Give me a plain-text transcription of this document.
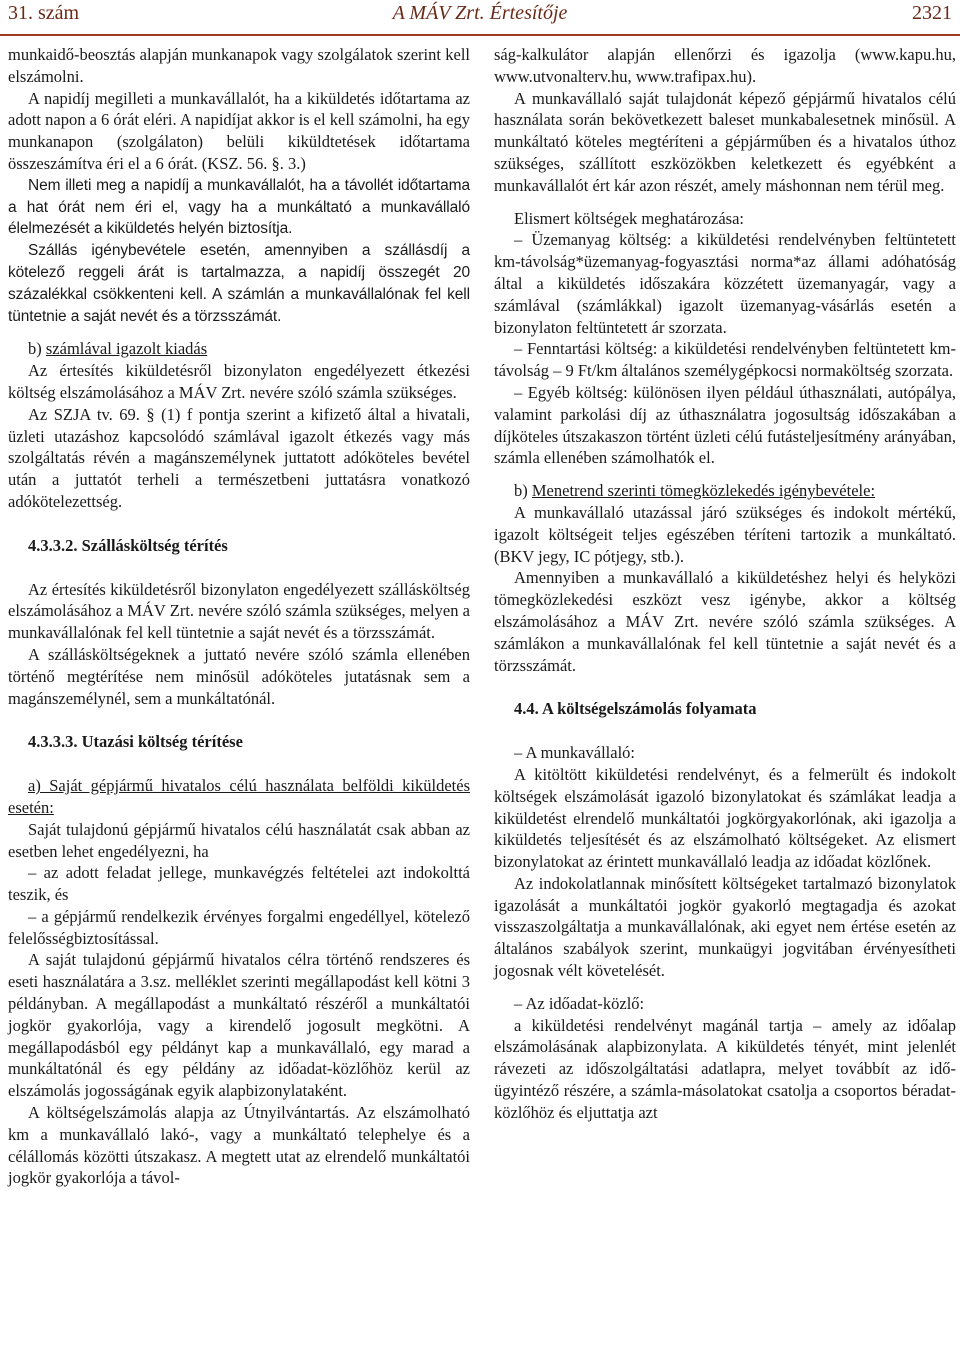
31. szám	A MÁV Zrt. Értesítője	2321

munkaidő-beosztás alapján munkanapok vagy szolgálatok szerint kell elszámolni.

A napidíj megilleti a munkavállalót, ha a kiküldetés időtartama az adott napon a 6 órát eléri. A napidíjat akkor is el kell számolni, ha egy munkanapon (szolgálaton) belüli kiküldtetések időtartama összeszámítva éri el a 6 órát. (KSZ. 56. §. 3.)

Nem illeti meg a napidíj a munkavállalót, ha a távollét időtartama a hat órát nem éri el, vagy ha a munkáltató a munkavállaló élelmezését a kiküldetés helyén biztosítja.

Szállás igénybevétele esetén, amennyiben a szállásdíj a kötelező reggeli árát is tartalmazza, a napidíj összegét 20 százalékkal csökkenteni kell. A számlán a munkavállalónak fel kell tüntetnie a saját nevét és a törzsszámát.

b) számlával igazolt kiadás

Az értesítés kiküldetésről bizonylaton engedélyezett étkezési költség elszámolásához a MÁV Zrt. nevére szóló számla szükséges.

Az SZJA tv. 69. § (1) f pontja szerint a kifizető által a hivatali, üzleti utazáshoz kapcsolódó számlával igazolt étkezés vagy más szolgáltatás révén a magánszemélynek juttatott adóköteles bevétel után a juttatót terheli a természetbeni juttatásra vonatkozó adókötelezettség.

4.3.3.2. Szállásköltség térítés

Az értesítés kiküldetésről bizonylaton engedélyezett szállásköltség elszámolásához a MÁV Zrt. nevére szóló számla szükséges, melyen a munkavállalónak fel kell tüntetnie a saját nevét és a törzsszámát.

A szállásköltségeknek a juttató nevére szóló számla ellenében történő megtérítése nem minősül adóköteles jutatásnak sem a magánszemélynél, sem a munkáltatónál.

4.3.3.3. Utazási költség térítése

a) Saját gépjármű hivatalos célú használata belföldi kiküldetés esetén:

Saját tulajdonú gépjármű hivatalos célú használatát csak abban az esetben lehet engedélyezni, ha

– az adott feladat jellege, munkavégzés feltételei azt indokolttá teszik, és

– a gépjármű rendelkezik érvényes forgalmi engedéllyel, kötelező felelősségbiztosítással.

A saját tulajdonú gépjármű hivatalos célra történő rendszeres és eseti használatára a 3.sz. melléklet szerinti megállapodást kell kötni 3 példányban. A megállapodást a munkáltató részéről a munkáltatói jogkör gyakorlója, vagy a kirendelő jogosult megkötni. A megállapodásból egy példányt kap a munkavállaló, egy marad a munkáltatónál és egy példány az időadat-közlőhöz kerül az elszámolás jogosságának egyik alapbizonylataként.

A költségelszámolás alapja az Útnyilvántartás. Az elszámolható km a munkavállaló lakó-, vagy a munkáltató telephelye és a célállomás közötti útszakasz. A megtett utat az elrendelő munkáltatói jogkör gyakorlója a távol-

ság-kalkulátor alapján ellenőrzi és igazolja (www.kapu.hu, www.utvonalterv.hu, www.trafipax.hu).

A munkavállaló saját tulajdonát képező gépjármű hivatalos célú használata során bekövetkezett baleset munkabalesetnek minősül. A munkáltató köteles megtéríteni a gépjárműben és a hivatalos úthoz szükséges, szállított eszközökben keletkezett és egyébként a munkavállalót ért kár azon részét, amely máshonnan nem térül meg.

Elismert költségek meghatározása:

– Üzemanyag költség: a kiküldetési rendelvényben feltüntetett km-távolság*üzemanyag-fogyasztási norma*az állami adóhatóság által a kiküldetés időszakára közzétett üzemanyagár, vagy a számlával (számlákkal) igazolt üzemanyag-vásárlás esetén a bizonylaton feltüntetett ár szorzata.

– Fenntartási költség: a kiküldetési rendelvényben feltüntetett km-távolság – 9 Ft/km általános személygépkocsi normaköltség szorzata.

– Egyéb költség: különösen ilyen például úthasználati, autópálya, valamint parkolási díj az úthasználatra jogosultság időszakában a díjköteles útszakaszon történt üzleti célú futásteljesítmény arányában, számla ellenében számolhatók el.

b) Menetrend szerinti tömegközlekedés igénybevétele:

A munkavállaló utazással járó szükséges és indokolt mértékű, igazolt költségeit teljes egészében téríteni tartozik a munkáltató. (BKV jegy, IC pótjegy, stb.).

Amennyiben a munkavállaló a kiküldetéshez helyi és helyközi tömegközlekedési eszközt vesz igénybe, akkor a költség elszámolásához a MÁV Zrt. nevére szóló számla szükséges. A számlákon a munkavállalónak fel kell tüntetnie a saját nevét és a törzsszámát.

4.4. A költségelszámolás folyamata

– A munkavállaló:

A kitöltött kiküldetési rendelvényt, és a felmerült és indokolt költségek elszámolását igazoló bizonylatokat és számlákat leadja a kiküldetést elrendelő munkáltatói jogkörgyakorlónak, aki igazolja a kiküldetés teljesítését és az elszámolható költségeket. Az elismert bizonylatokat az érintett munkavállaló leadja az időadat közlőnek.

Az indokolatlannak minősített költségeket tartalmazó bizonylatok igazolását a munkáltatói jogkör gyakorló megtagadja és azokat visszaszolgáltatja a munkavállalónak, aki egyet nem értése esetén az általános szabályok szerint, munkaügyi jogvitában érvényesítheti jogosnak vélt követelését.

– Az időadat-közlő:

a kiküldetési rendelvényt magánál tartja – amely az időalap elszámolásának alapbizonylata. A kiküldetés tényét, mint jelenlét rávezeti az időszolgáltatási adatlapra, melyet továbbít az idő-ügyintéző részére, a számla-másolatokat csatolja a csoportos béradat-közlőhöz és eljuttatja azt
